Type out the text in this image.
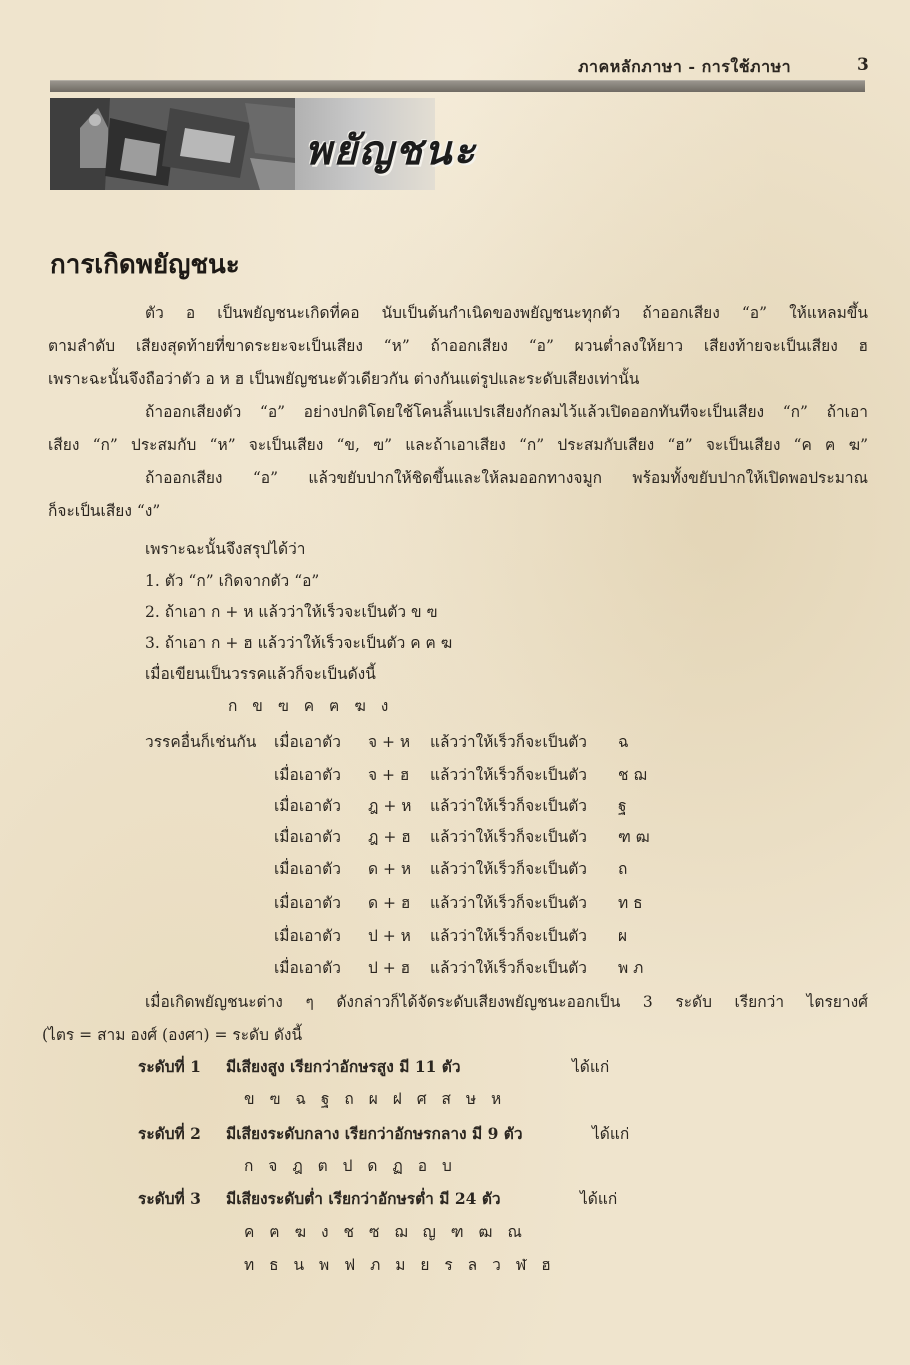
ภาคหลักภาษา - การใช้ภาษา	3
พยัญชนะ
การเกิดพยัญชนะ
ตัว อ เป็นพยัญชนะเกิดที่คอ นับเป็นต้นกำเนิดของพยัญชนะทุกตัว ถ้าออกเสียง “อ” ให้แหลมขึ้น
ตามลำดับ เสียงสุดท้ายที่ขาดระยะจะเป็นเสียง “ห” ถ้าออกเสียง “อ” ผวนต่ำลงให้ยาว เสียงท้ายจะเป็นเสียง ฮ
เพราะฉะนั้นจึงถือว่าตัว อ ห ฮ เป็นพยัญชนะตัวเดียวกัน ต่างกันแต่รูปและระดับเสียงเท่านั้น
ถ้าออกเสียงตัว “อ” อย่างปกติโดยใช้โคนลิ้นแปรเสียงกักลมไว้แล้วเปิดออกทันทีจะเป็นเสียง “ก” ถ้าเอา
เสียง “ก” ประสมกับ “ห” จะเป็นเสียง “ข, ฃ” และถ้าเอาเสียง “ก” ประสมกับเสียง “ฮ” จะเป็นเสียง “ค ฅ ฆ”
ถ้าออกเสียง “อ” แล้วขยับปากให้ชิดขึ้นและให้ลมออกทางจมูก พร้อมทั้งขยับปากให้เปิดพอประมาณ
ก็จะเป็นเสียง “ง”
เพราะฉะนั้นจึงสรุปได้ว่า
1. ตัว “ก” เกิดจากตัว “อ”
2. ถ้าเอา ก + ห แล้วว่าให้เร็วจะเป็นตัว ข ฃ
3. ถ้าเอา ก + ฮ แล้วว่าให้เร็วจะเป็นตัว ค ฅ ฆ
เมื่อเขียนเป็นวรรคแล้วก็จะเป็นดังนี้
ก ข ฃ ค ฅ ฆ ง
วรรคอื่นก็เช่นกัน เมื่อเอาตัว จ + ห แล้วว่าให้เร็วก็จะเป็นตัว ฉ
เมื่อเอาตัว จ + ฮ แล้วว่าให้เร็วก็จะเป็นตัว ช ฌ
เมื่อเอาตัว ฎ + ห แล้วว่าให้เร็วก็จะเป็นตัว ฐ
เมื่อเอาตัว ฎ + ฮ แล้วว่าให้เร็วก็จะเป็นตัว ฑ ฒ
เมื่อเอาตัว ด + ห แล้วว่าให้เร็วก็จะเป็นตัว ถ
เมื่อเอาตัว ด + ฮ แล้วว่าให้เร็วก็จะเป็นตัว ท ธ
เมื่อเอาตัว ป + ห แล้วว่าให้เร็วก็จะเป็นตัว ผ
เมื่อเอาตัว ป + ฮ แล้วว่าให้เร็วก็จะเป็นตัว พ ภ
เมื่อเกิดพยัญชนะต่าง ๆ ดังกล่าวก็ได้จัดระดับเสียงพยัญชนะออกเป็น 3 ระดับ เรียกว่า ไตรยางศ์
(ไตร = สาม องศ์ (องศา) = ระดับ ดังนี้
ระดับที่ 1 มีเสียงสูง เรียกว่าอักษรสูง มี 11 ตัว	ได้แก่
ข ฃ ฉ ฐ ถ ผ ฝ ศ ส ษ ห
ระดับที่ 2 มีเสียงระดับกลาง เรียกว่าอักษรกลาง มี 9 ตัว	ได้แก่
ก จ ฎ ต ป ด ฏ อ บ
ระดับที่ 3 มีเสียงระดับต่ำ เรียกว่าอักษรต่ำ มี 24 ตัว	ได้แก่
ค ฅ ฆ ง ช ซ ฌ ญ ฑ ฒ ณ
ท ธ น พ ฟ ภ ม ย ร ล ว ฬ ฮ
